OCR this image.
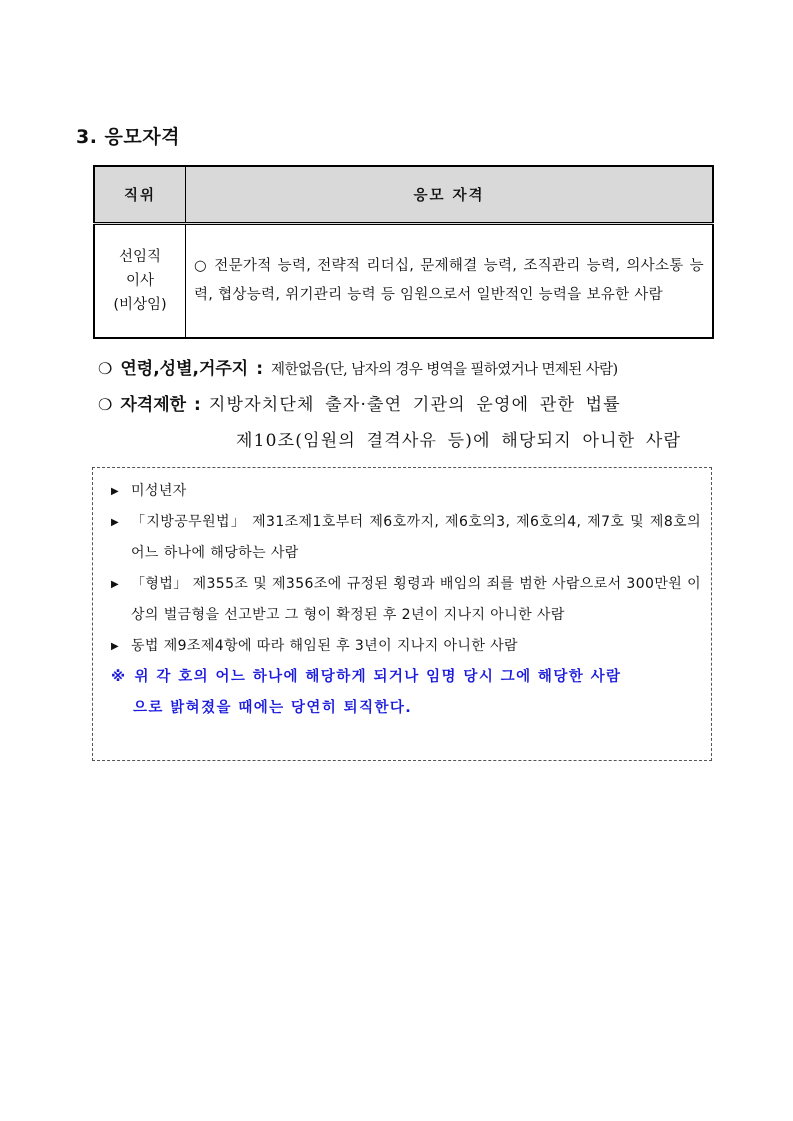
3. 응모자격
직위	응모 자격

선임직
이사
(비상임)	○ 전문가적 능력, 전략적 리더십, 문제해결 능력, 조직관리 능력, 의사소통 능력, 협상능력, 위기관리 능력 등 임원으로서 일반적인 능력을 보유한 사람
❍ 연령,성별,거주지 : 제한없음(단, 남자의 경우 병역을 필하였거나 면제된 사람)
❍ 자격제한 : 지방자치단체 출자·출연 기관의 운영에 관한 법률
제10조(임원의 결격사유 등)에 해당되지 아니한 사람
▶ 미성년자
▶ 「지방공무원법」 제31조제1호부터 제6호까지, 제6호의3, 제6호의4, 제7호 및 제8호의 어느 하나에 해당하는 사람
▶ 「형법」 제355조 및 제356조에 규정된 횡령과 배임의 죄를 범한 사람으로서 300만원 이상의 벌금형을 선고받고 그 형이 확정된 후 2년이 지나지 아니한 사람
▶ 동법 제9조제4항에 따라 해임된 후 3년이 지나지 아니한 사람
※ 위 각 호의 어느 하나에 해당하게 되거나 임명 당시 그에 해당한 사람
으로 밝혀졌을 때에는 당연히 퇴직한다.
